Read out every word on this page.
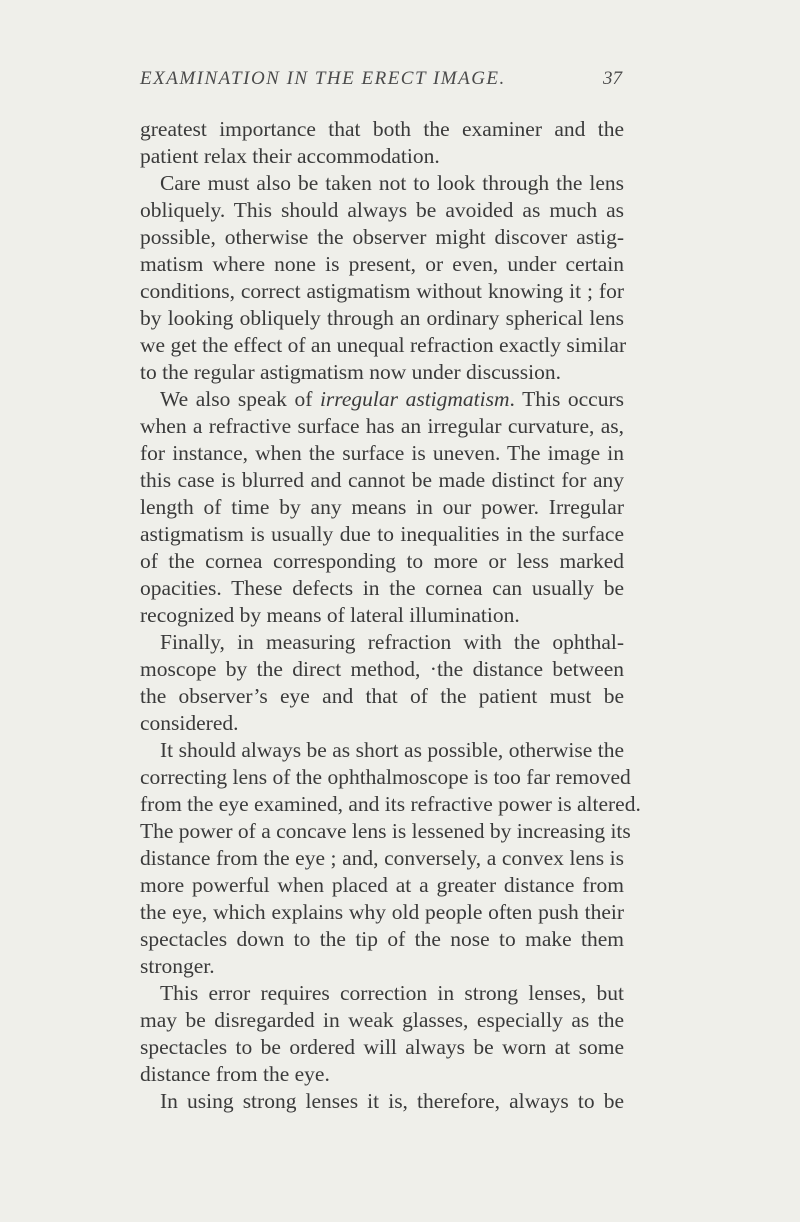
EXAMINATION IN THE ERECT IMAGE.	37
greatest importance that both the examiner and the
patient relax their accommodation.
Care must also be taken not to look through the lens
obliquely. This should always be avoided as much as
possible, otherwise the observer might discover astig-
matism where none is present, or even, under certain
conditions, correct astigmatism without knowing it ; for
by looking obliquely through an ordinary spherical lens
we get the effect of an unequal refraction exactly similar
to the regular astigmatism now under discussion.
We also speak of irregular astigmatism. This occurs
when a refractive surface has an irregular curvature, as,
for instance, when the surface is uneven. The image in
this case is blurred and cannot be made distinct for any
length of time by any means in our power. Irregular
astigmatism is usually due to inequalities in the surface
of the cornea corresponding to more or less marked
opacities. These defects in the cornea can usually be
recognized by means of lateral illumination.
Finally, in measuring refraction with the ophthal-
moscope by the direct method, ·the distance between
the observer’s eye and that of the patient must be
considered.
It should always be as short as possible, otherwise the
correcting lens of the ophthalmoscope is too far removed
from the eye examined, and its refractive power is altered.
The power of a concave lens is lessened by increasing its
distance from the eye ; and, conversely, a convex lens is
more powerful when placed at a greater distance from
the eye, which explains why old people often push their
spectacles down to the tip of the nose to make them
stronger.
This error requires correction in strong lenses, but
may be disregarded in weak glasses, especially as the
spectacles to be ordered will always be worn at some
distance from the eye.
In using strong lenses it is, therefore, always to be
